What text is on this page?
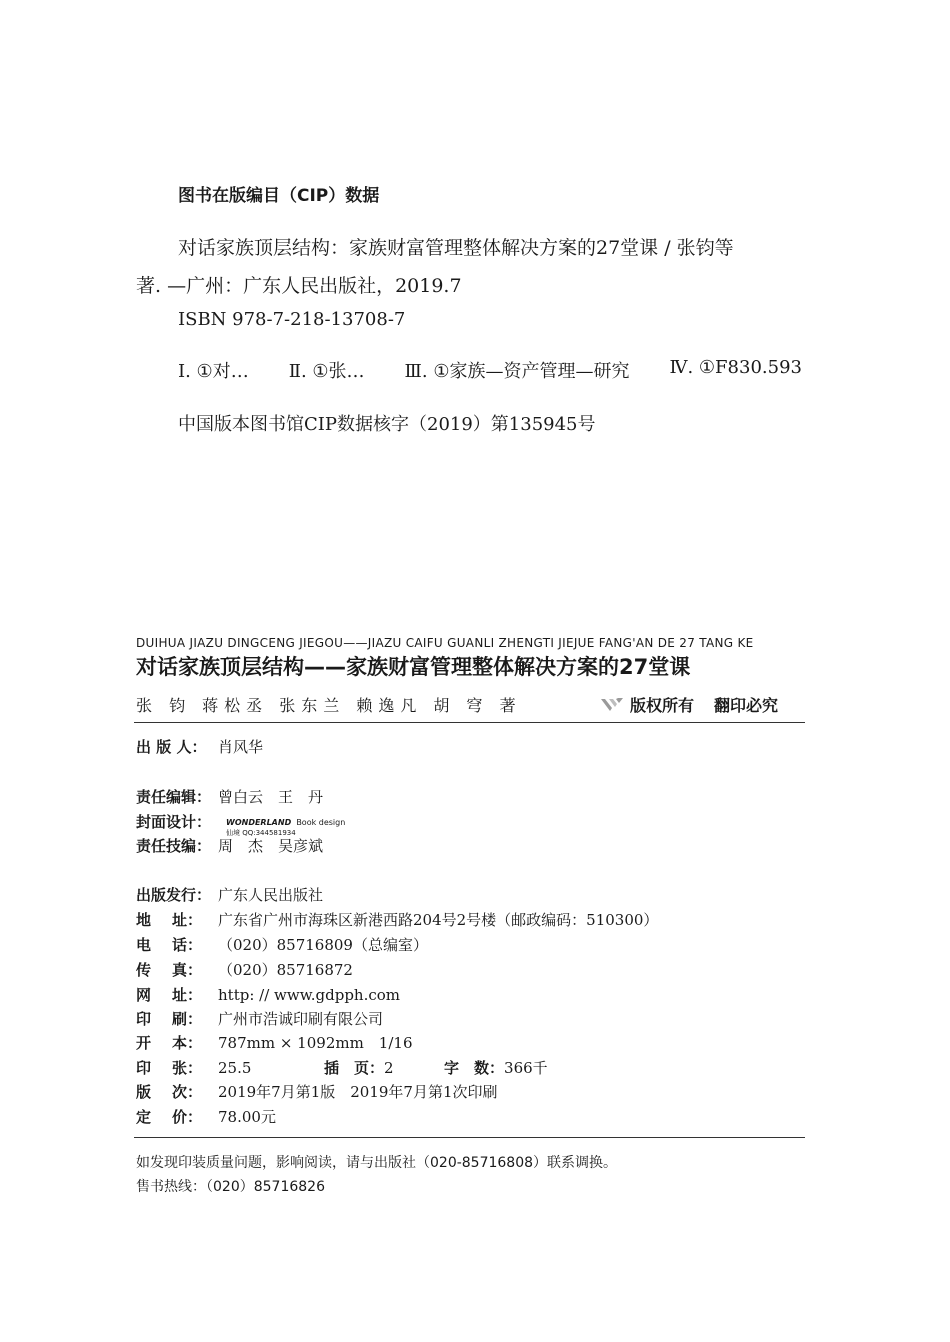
图书在版编目（CIP）数据
对话家族顶层结构：家族财富管理整体解决方案的27堂课 / 张钧等
著. —广州：广东人民出版社，2019.7
ISBN 978-7-218-13708-7
Ⅰ. ①对… Ⅱ. ①张… Ⅲ. ①家族—资产管理—研究 Ⅳ. ①F830.593
中国版本图书馆CIP数据核字（2019）第135945号
DUIHUA JIAZU DINGCENG JIEGOU——JIAZU CAIFU GUANLI ZHENGTI JIEJUE FANG'AN DE 27 TANG KE
对话家族顶层结构——家族财富管理整体解决方案的27堂课
张 钧 蒋松丞 张东兰 赖逸凡 胡 穹 著	版权所有 翻印必究
出 版 人： 肖风华
责任编辑： 曾白云　王　丹
封面设计：	WONDERLAND Book design
仙境 QQ:344581934
责任技编： 周　杰　吴彦斌
出版发行： 广东人民出版社
地 址： 广东省广州市海珠区新港西路204号2号楼（邮政编码：510300）
电 话： （020）85716809（总编室）
传 真： （020）85716872
网 址： http: // www.gdpph.com
印 刷： 广州市浩诚印刷有限公司
开 本： 787mm × 1092mm　1/16
印 张： 25.5	插　页： 2	字　数： 366千
版 次： 2019年7月第1版　2019年7月第1次印刷
定 价： 78.00元
如发现印装质量问题，影响阅读，请与出版社（020-85716808）联系调换。
售书热线：（020）85716826
